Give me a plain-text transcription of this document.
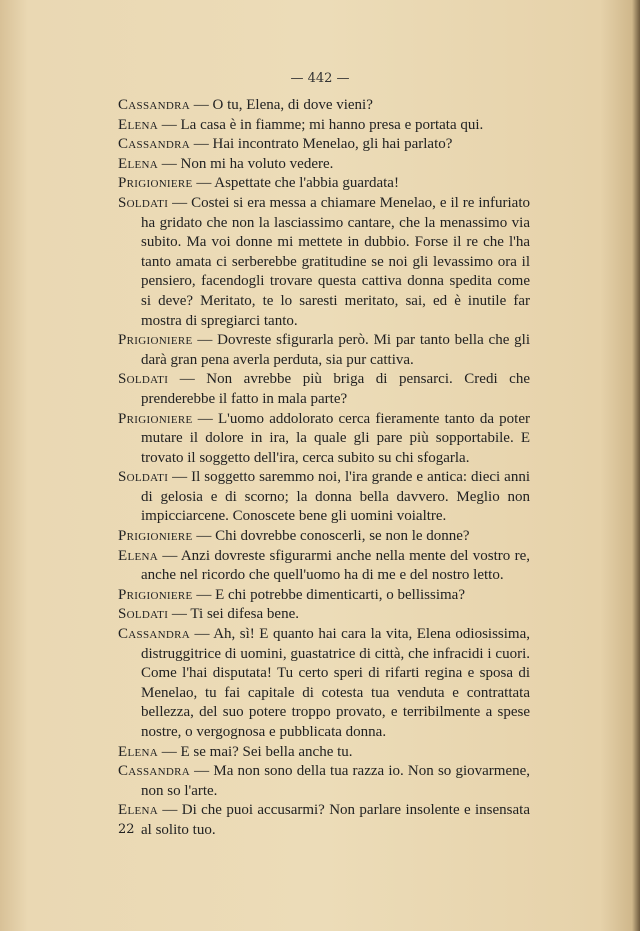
— 442 —

Cassandra — O tu, Elena, di dove vieni?

Elena — La casa è in fiamme; mi hanno presa e portata qui.

Cassandra — Hai incontrato Menelao, gli hai parlato?

Elena — Non mi ha voluto vedere.

Prigioniere — Aspettate che l'abbia guardata!

Soldati — Costei si era messa a chiamare Menelao, e il re infuriato ha gridato che non la lasciassimo cantare, che la menassimo via subito. Ma voi donne mi mettete in dubbio. Forse il re che l'ha tanto amata ci serberebbe gratitudine se noi gli levassimo ora il pensiero, facendogli trovare questa cattiva donna spedita come si deve? Meritato, te lo saresti meritato, sai, ed è inutile far mostra di spregiarci tanto.

Prigioniere — Dovreste sfigurarla però. Mi par tanto bella che gli darà gran pena averla perduta, sia pur cattiva.

Soldati — Non avrebbe più briga di pensarci. Credi che prenderebbe il fatto in mala parte?

Prigioniere — L'uomo addolorato cerca fieramente tanto da poter mutare il dolore in ira, la quale gli pare più sopportabile. E trovato il soggetto dell'ira, cerca subito su chi sfogarla.

Soldati — Il soggetto saremmo noi, l'ira grande e antica: dieci anni di gelosia e di scorno; la donna bella davvero. Meglio non impicciarcene. Conoscete bene gli uomini voialtre.

Prigioniere — Chi dovrebbe conoscerli, se non le donne?

Elena — Anzi dovreste sfigurarmi anche nella mente del vostro re, anche nel ricordo che quell'uomo ha di me e del nostro letto.

Prigioniere — E chi potrebbe dimenticarti, o bellissima?

Soldati — Ti sei difesa bene.

Cassandra — Ah, sì! E quanto hai cara la vita, Elena odiosissima, distruggitrice di uomini, guastatrice di città, che infracidi i cuori. Come l'hai disputata! Tu certo speri di rifarti regina e sposa di Menelao, tu fai capitale di cotesta tua venduta e contrattata bellezza, del suo potere troppo provato, e terribilmente a spese nostre, o vergognosa e pubblicata donna.

Elena — E se mai? Sei bella anche tu.

Cassandra — Ma non sono della tua razza io. Non so giovarmene, non so l'arte.

Elena — Di che puoi accusarmi? Non parlare insolente e insensata al solito tuo.

22
